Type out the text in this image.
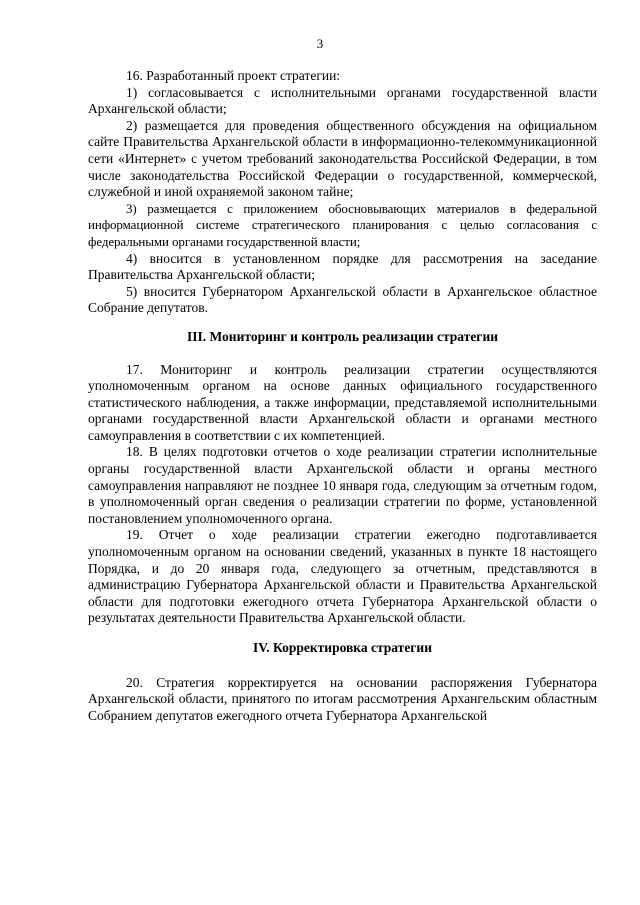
3

16. Разработанный проект стратегии:

1) согласовывается с исполнительными органами государственной власти Архангельской области;

2) размещается для проведения общественного обсуждения на официальном сайте Правительства Архангельской области в информационно-телекоммуникационной сети «Интернет» с учетом требований законодательства Российской Федерации, в том числе законодательства Российской Федерации о государственной, коммерческой, служебной и иной охраняемой законом тайне;

3) размещается с приложением обосновывающих материалов в федеральной информационной системе стратегического планирования с целью согласования с федеральными органами государственной власти;

4) вносится в установленном порядке для рассмотрения на заседание Правительства Архангельской области;

5) вносится Губернатором Архангельской области в Архангельское областное Собрание депутатов.

III. Мониторинг и контроль реализации стратегии

17. Мониторинг и контроль реализации стратегии осуществляются уполномоченным органом на основе данных официального государственного статистического наблюдения, а также информации, представляемой исполнительными органами государственной власти Архангельской области и органами местного самоуправления в соответствии с их компетенцией.

18. В целях подготовки отчетов о ходе реализации стратегии исполнительные органы государственной власти Архангельской области и органы местного самоуправления направляют не позднее 10 января года, следующим за отчетным годом, в уполномоченный орган сведения о реализации стратегии по форме, установленной постановлением уполномоченного органа.

19. Отчет о ходе реализации стратегии ежегодно подготавливается уполномоченным органом на основании сведений, указанных в пункте 18 настоящего Порядка, и до 20 января года, следующего за отчетным, представляются в администрацию Губернатора Архангельской области и Правительства Архангельской области для подготовки ежегодного отчета Губернатора Архангельской области о результатах деятельности Правительства Архангельской области.

IV. Корректировка стратегии

20. Стратегия корректируется на основании распоряжения Губернатора Архангельской области, принятого по итогам рассмотрения Архангельским областным Собранием депутатов ежегодного отчета Губернатора Архангельской
